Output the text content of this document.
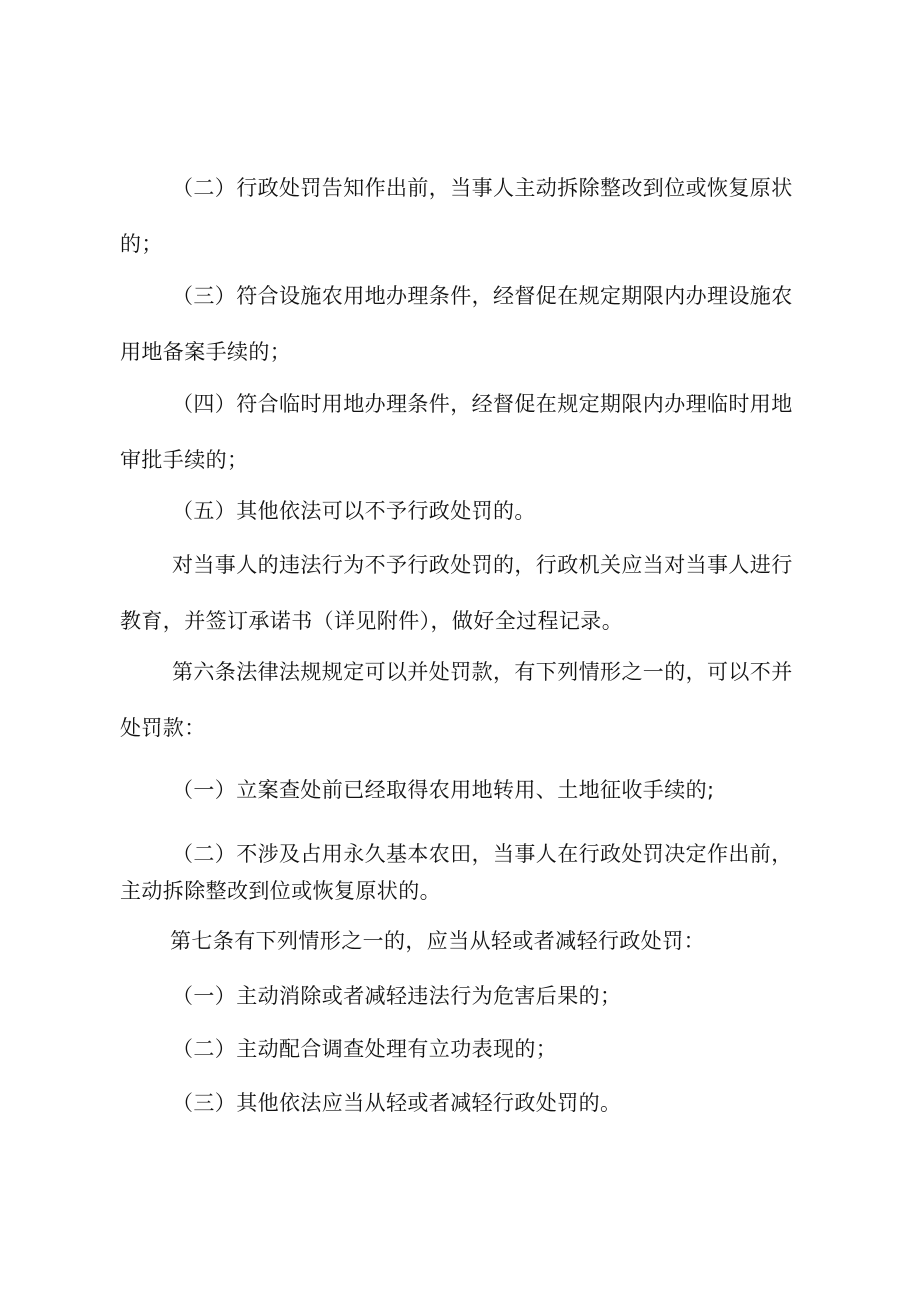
（二）行政处罚告知作出前，当事人主动拆除整改到位或恢复原状
的；

（三）符合设施农用地办理条件，经督促在规定期限内办理设施农
用地备案手续的；

（四）符合临时用地办理条件，经督促在规定期限内办理临时用地
审批手续的；

（五）其他依法可以不予行政处罚的。

对当事人的违法行为不予行政处罚的，行政机关应当对当事人进行
教育，并签订承诺书（详见附件），做好全过程记录。

第六条法律法规规定可以并处罚款，有下列情形之一的，可以不并
处罚款：

（一）立案查处前已经取得农用地转用、土地征收手续的;

（二）不涉及占用永久基本农田，当事人在行政处罚决定作出前，
主动拆除整改到位或恢复原状的。

第七条有下列情形之一的，应当从轻或者减轻行政处罚：

（一）主动消除或者减轻违法行为危害后果的；

（二）主动配合调查处理有立功表现的；

（三）其他依法应当从轻或者减轻行政处罚的。
